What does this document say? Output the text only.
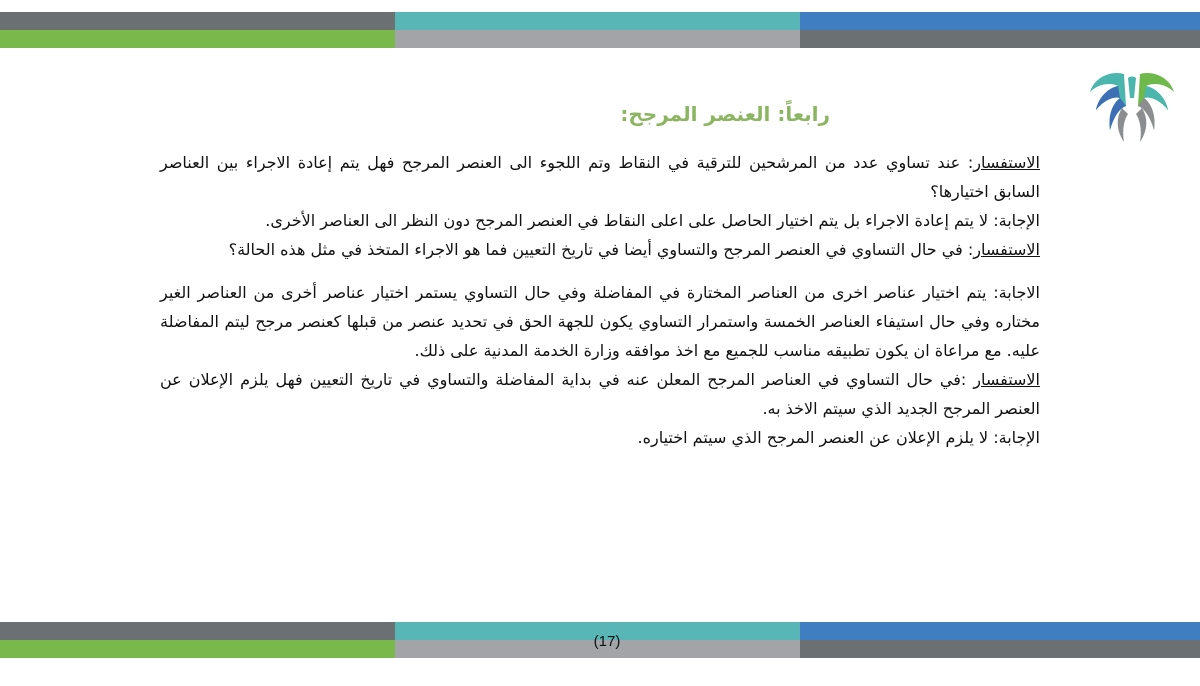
رابعاً: العنصر المرجح:

الاستفسار: عند تساوي عدد من المرشحين للترقية في النقاط وتم اللجوء الى العنصر المرجح فهل يتم إعادة الاجراء بين العناصر السابق اختيارها؟

الإجابة: لا يتم إعادة الاجراء بل يتم اختيار الحاصل على اعلى النقاط في العنصر المرجح دون النظر الى العناصر الأخرى.

الاستفسار: في حال التساوي في العنصر المرجح والتساوي أيضا في تاريخ التعيين فما هو الاجراء المتخذ في مثل هذه الحالة؟

الاجابة: يتم اختيار عناصر اخرى من العناصر المختارة في المفاضلة وفي حال التساوي يستمر اختيار عناصر أخرى من العناصر الغير مختاره وفي حال استيفاء العناصر الخمسة واستمرار التساوي يكون للجهة الحق في تحديد عنصر من قبلها كعنصر مرجح ليتم المفاضلة عليه. مع مراعاة ان يكون تطبيقه مناسب للجميع مع اخذ موافقه وزارة الخدمة المدنية على ذلك.

الاستفسار :في حال التساوي في العناصر المرجح المعلن عنه في بداية المفاضلة والتساوي في تاريخ التعيين فهل يلزم الإعلان عن العنصر المرجح الجديد الذي سيتم الاخذ به.

الإجابة: لا يلزم الإعلان عن العنصر المرجح الذي سيتم اختياره.

(17)
